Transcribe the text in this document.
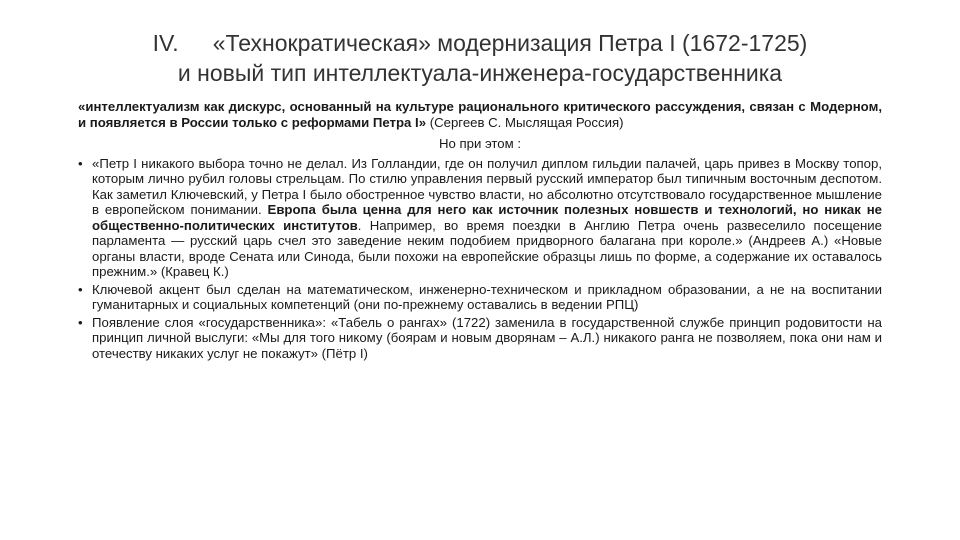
IV. «Технократическая» модернизация Петра I (1672-1725)
и новый тип интеллектуала-инженера-государственника

«интеллектуализм как дискурс, основанный на культуре рационального критического рассуждения, связан с Модерном, и появляется в России только с реформами Петра I» (Сергеев С. Мыслящая Россия)

Но при этом :
• «Петр I никакого выбора точно не делал. Из Голландии, где он получил диплом гильдии палачей, царь привез в Москву топор, которым лично рубил головы стрельцам. По стилю управления первый русский император был типичным восточным деспотом. Как заметил Ключевский, у Петра I было обостренное чувство власти, но абсолютно отсутствовало государственное мышление в европейском понимании. Европа была ценна для него как источник полезных новшеств и технологий, но никак не общественно-политических институтов. Например, во время поездки в Англию Петра очень развеселило посещение парламента — русский царь счел это заведение неким подобием придворного балагана при короле.» (Андреев А.) «Новые органы власти, вроде Сената или Синода, были похожи на европейские образцы лишь по форме, а содержание их оставалось прежним.» (Кравец К.)
• Ключевой акцент был сделан на математическом, инженерно-техническом и прикладном образовании, а не на воспитании гуманитарных и социальных компетенций (они по-прежнему оставались в ведении РПЦ)
• Появление слоя «государственника»: «Табель о рангах» (1722) заменила в государственной службе принцип родовитости на принцип личной выслуги: «Мы для того никому (боярам и новым дворянам – А.Л.) никакого ранга не позволяем, пока они нам и отечеству никаких услуг не покажут» (Пётр I)
